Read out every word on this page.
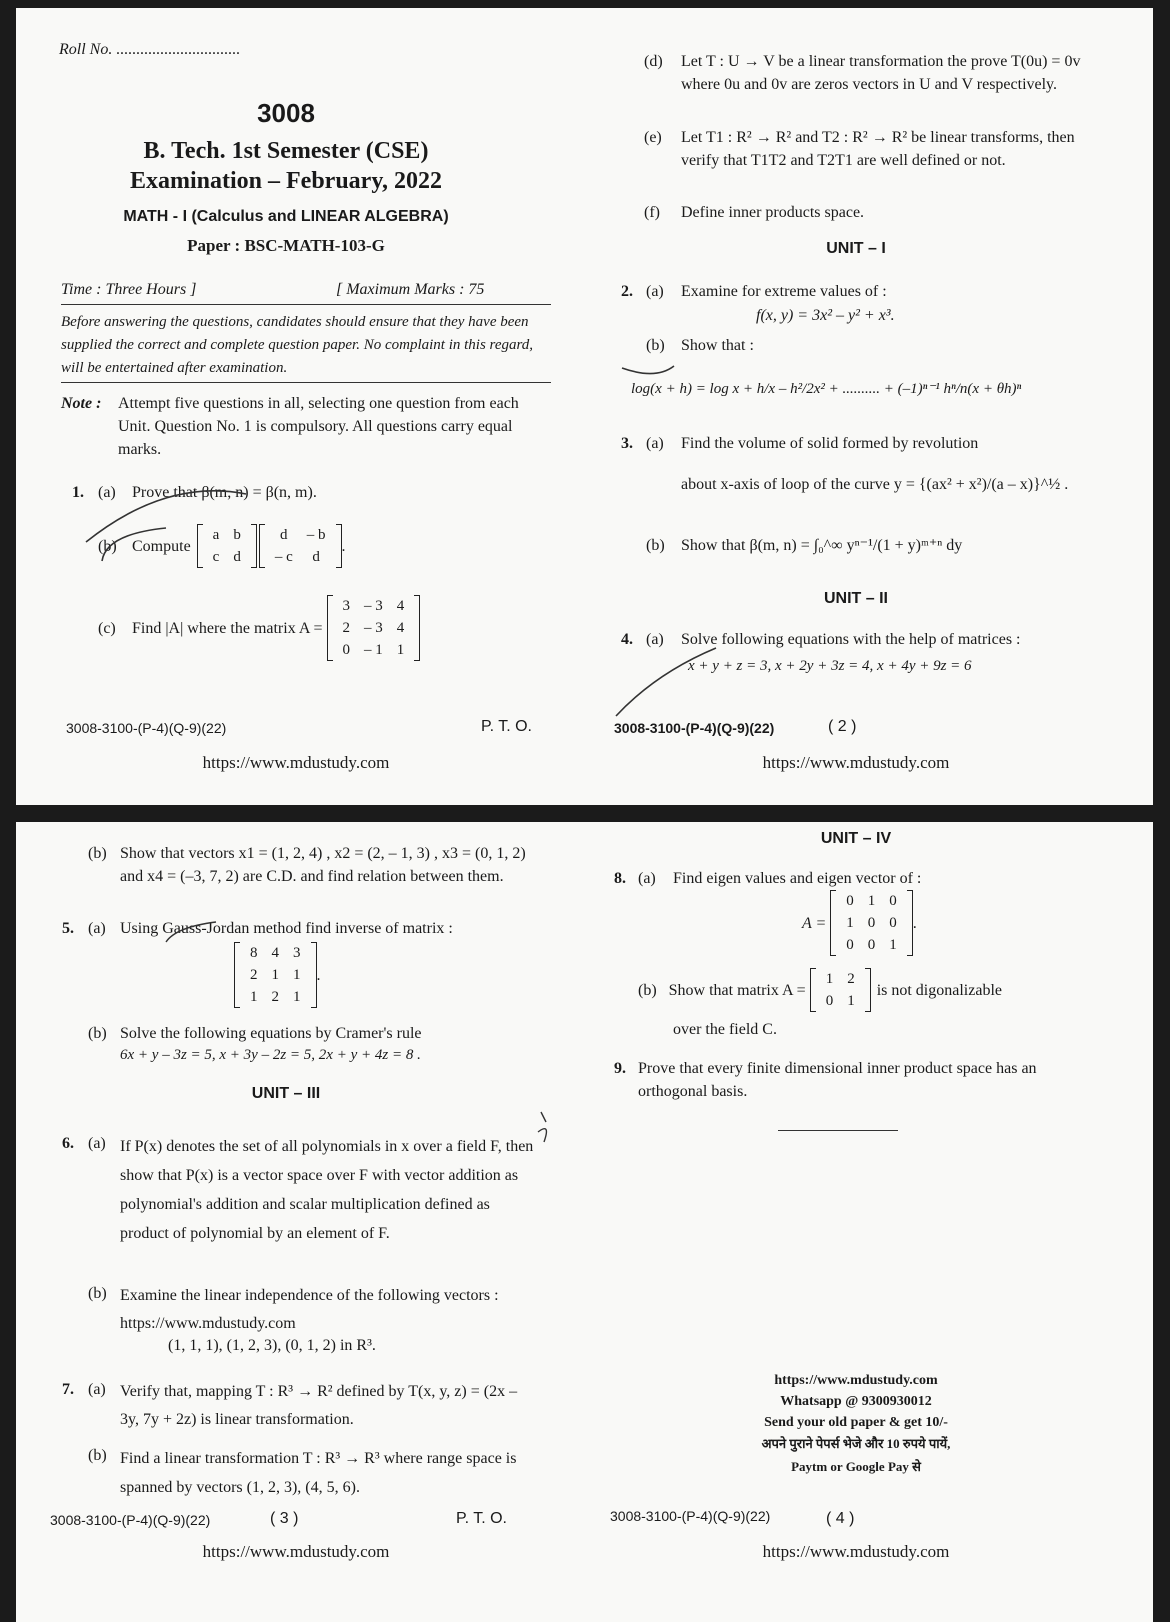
Roll No. ...............................
3008
B. Tech. 1st Semester (CSE)
Examination – February, 2022
MATH - I (Calculus and LINEAR ALGEBRA)
Paper : BSC-MATH-103-G
Time : Three Hours ]	[ Maximum Marks : 75
Before answering the questions, candidates should ensure that they have been supplied the correct and complete question paper. No complaint in this regard, will be entertained after examination.
Note : Attempt five questions in all, selecting one question from each Unit. Question No. 1 is compulsory. All questions carry equal marks.
1. (a) Prove that β(m, n) = β(n, m).
(b) Compute
a	b
c	d
d	– b
– c	d
.
(c) Find |A| where the matrix A =
3	– 3	4
2	– 3	4
0	– 1	1
3008-3100-(P-4)(Q-9)(22)	P. T. O.
https://www.mdustudy.com
(d) Let T : U → V be a linear transformation the prove T(0u) = 0v where 0u and 0v are zeros vectors in U and V respectively.
(e) Let T1 : R² → R² and T2 : R² → R² be linear transforms, then verify that T1T2 and T2T1 are well defined or not.
(f) Define inner products space.
UNIT – I
2. (a) Examine for extreme values of :
f(x, y) = 3x² – y² + x³.
(b) Show that :
log(x + h) = log x + h/x – h²/2x² + .......... + (–1)ⁿ⁻¹ hⁿ/n(x + θh)ⁿ
3. (a) Find the volume of solid formed by revolution
about x-axis of loop of the curve y = {(ax² + x²)/(a – x)}^½ .
(b) Show that β(m, n) = ∫₀^∞ yⁿ⁻¹/(1 + y)ᵐ⁺ⁿ dy
UNIT – II
4. (a) Solve following equations with the help of matrices :
x + y + z = 3, x + 2y + 3z = 4, x + 4y + 9z = 6
3008-3100-(P-4)(Q-9)(22)	( 2 )
https://www.mdustudy.com
(b) Show that vectors x1 = (1, 2, 4) , x2 = (2, – 1, 3) , x3 = (0, 1, 2) and x4 = (–3, 7, 2) are C.D. and find relation between them.
5. (a) Using Gauss-Jordan method find inverse of matrix :
8	4	3
2	1	1
1	2	1
.
(b) Solve the following equations by Cramer's rule
6x + y – 3z = 5, x + 3y – 2z = 5, 2x + y + 4z = 8 .
UNIT – III
6. (a) If P(x) denotes the set of all polynomials in x over a field F, then show that P(x) is a vector space over F with vector addition as polynomial's addition and scalar multiplication defined as product of polynomial by an element of F.
(b) Examine the linear independence of the following vectors : https://www.mdustudy.com
(1, 1, 1), (1, 2, 3), (0, 1, 2) in R³.
7. (a) Verify that, mapping T : R³ → R² defined by T(x, y, z) = (2x – 3y, 7y + 2z) is linear transformation.
(b) Find a linear transformation T : R³ → R³ where range space is spanned by vectors (1, 2, 3), (4, 5, 6).
3008-3100-(P-4)(Q-9)(22)	( 3 )	P. T. O.
https://www.mdustudy.com
UNIT – IV
8. (a) Find eigen values and eigen vector of :
A =
0	1	0
1	0	0
0	0	1
.
(b) Show that matrix A =
1	2
0	1
is not digonalizable
over the field C.
9. Prove that every finite dimensional inner product space has an orthogonal basis.
https://www.mdustudy.com
Whatsapp @ 9300930012
Send your old paper & get 10/-
अपने पुराने पेपर्स भेजे और 10 रुपये पायें,
Paytm or Google Pay से
3008-3100-(P-4)(Q-9)(22)	( 4 )
https://www.mdustudy.com
